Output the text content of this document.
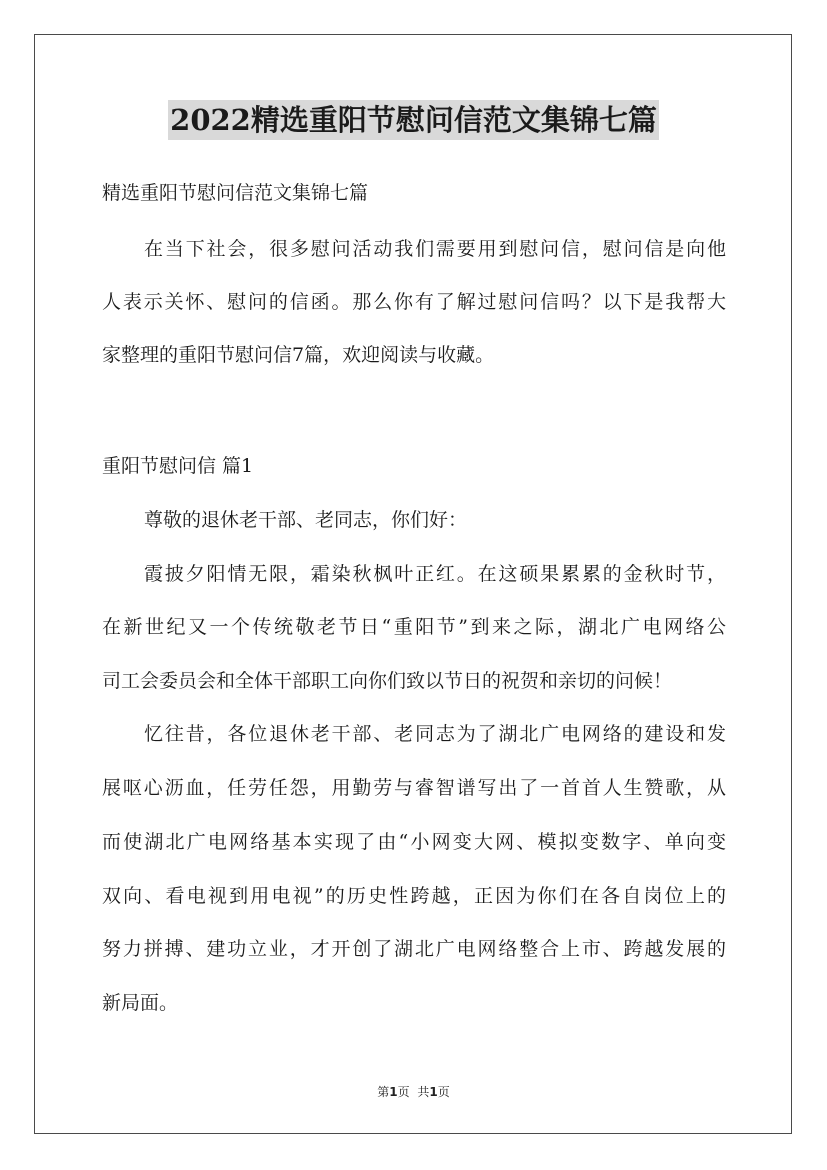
2022精选重阳节慰问信范文集锦七篇
精选重阳节慰问信范文集锦七篇
在当下社会，很多慰问活动我们需要用到慰问信，慰问信是向他
人表示关怀、慰问的信函。那么你有了解过慰问信吗？以下是我帮大
家整理的重阳节慰问信7篇，欢迎阅读与收藏。
重阳节慰问信 篇1
尊敬的退休老干部、老同志，你们好：
霞披夕阳情无限，霜染秋枫叶正红。在这硕果累累的金秋时节，
在新世纪又一个传统敬老节日“重阳节”到来之际，湖北广电网络公
司工会委员会和全体干部职工向你们致以节日的祝贺和亲切的问候！
忆往昔，各位退休老干部、老同志为了湖北广电网络的建设和发
展呕心沥血，任劳任怨，用勤劳与睿智谱写出了一首首人生赞歌，从
而使湖北广电网络基本实现了由“小网变大网、模拟变数字、单向变
双向、看电视到用电视”的历史性跨越，正因为你们在各自岗位上的
努力拼搏、建功立业，才开创了湖北广电网络整合上市、跨越发展的
新局面。
第1页 共1页
